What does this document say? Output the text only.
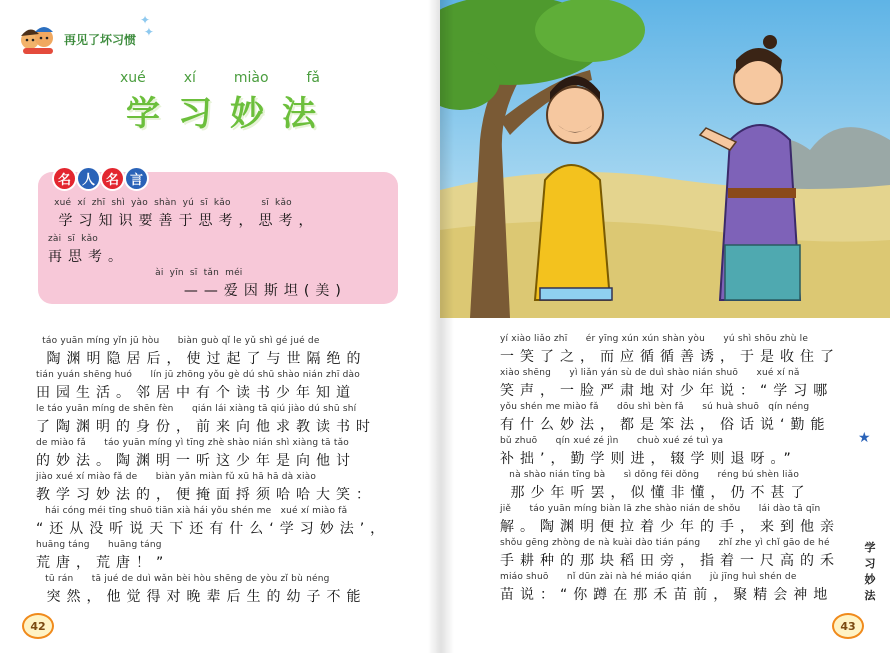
再见了坏习惯
✦
✦
xué	xí	miào	fǎ
学 习 妙 法
名 人 名 言
xué  xí  zhī  shì  yào  shàn  yú  sī  kǎo          sī  kǎo
学习知识要善于思考，思考，
zài  sī  kǎo
再思考。
ài  yīn  sī  tǎn  méi
——爱因斯坦(美)
táo yuān míng yǐn jū hòu      biàn guò qǐ le yǔ shì gé jué de
陶渊明隐居后，使过起了与世隔绝的
tián yuán shēng huó      lín jū zhōng yǒu gè dú shū shào nián zhī dào
田园生活。邻居中有个读书少年知道
le táo yuān míng de shēn fèn      qián lái xiàng tā qiú jiào dú shū shí
了陶渊明的身份，前来向他求教读书时
de miào fǎ      táo yuān míng yì tīng zhè shào nián shì xiàng tā tǎo
的妙法。陶渊明一听这少年是向他讨
jiào xué xí miào fǎ de      biàn yǎn miàn fǔ xū hā hā dà xiào
教学习妙法的，便掩面捋须哈哈大笑：
hái cóng méi tīng shuō tiān xià hái yǒu shén me   xué xí miào fǎ
“还从没听说天下还有什么‘学习妙法’，
huāng táng      huāng táng
荒唐，荒唐！”
tū rán      tā jué de duì wǎn bèi hòu shēng de yòu zǐ bù néng
突然，他觉得对晚辈后生的幼子不能
42
yí xiào liǎo zhī      ér yīng xún xún shàn yòu      yú shì shōu zhù le
一笑了之，而应循循善诱，于是收住了
xiào shēng      yì liǎn yán sù de duì shào nián shuō      xué xí nǎ
笑声，一脸严肃地对少年说：“学习哪
yǒu shén me miào fǎ      dōu shì bèn fǎ      sú huà shuō   qín néng
有什么妙法，都是笨法，俗话说‘勤能
bǔ zhuō      qín xué zé jìn      chuò xué zé tuì ya
补拙’，勤学则进，辍学则退呀。”
nà shào nián tīng bà      sì dǒng fēi dǒng      réng bú shèn liǎo
那少年听罢，似懂非懂，仍不甚了
jiě      táo yuān míng biàn lā zhe shào nián de shǒu      lái dào tā qīn
解。陶渊明便拉着少年的手，来到他亲
shǒu gēng zhòng de nà kuài dào tián páng      zhǐ zhe yì chǐ gāo de hé
手耕种的那块稻田旁，指着一尺高的禾
miáo shuō      nǐ dūn zài nà hé miáo qián      jù jīng huì shén de
苗说：“你蹲在那禾苗前，聚精会神地
43
★
学习妙法
